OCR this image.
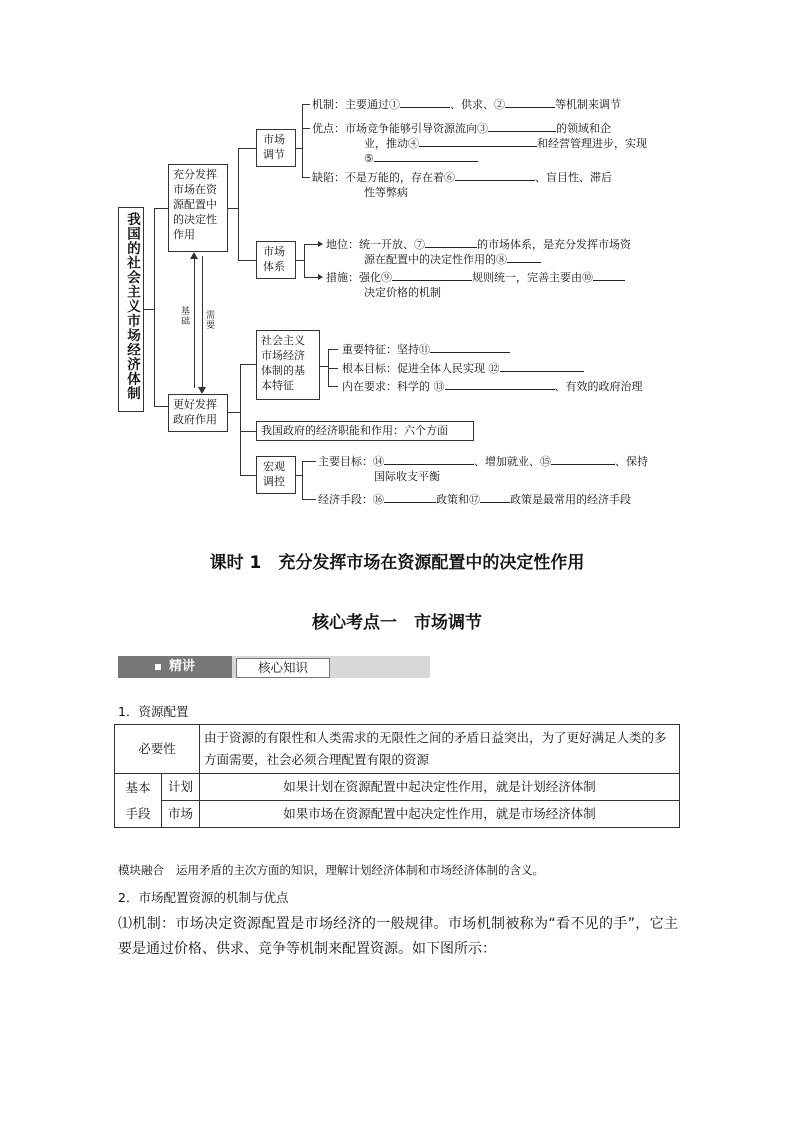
我国的社会主义市场经济体制
充分发挥市场在资源配置中的决定性作用
基础 需要
更好发挥政府作用
市场调节
机制：主要通过①	、供求、②	等机制来调节
优点：市场竞争能够引导资源流向③	的领域和企
业，推动④	和经营管理进步，实现
⑤
缺陷：不是万能的，存在着⑥	、盲目性、滞后
性等弊病
市场体系
地位：统一开放、⑦	的市场体系，是充分发挥市场资
源在配置中的决定性作用的⑧
措施：强化⑨	规则统一，完善主要由⑩
决定价格的机制
社会主义市场经济体制的基本特征
重要特征：坚持⑪
根本目标：促进全体人民实现 ⑫
内在要求：科学的 ⑬	、有效的政府治理
我国政府的经济职能和作用：六个方面
宏观调控
主要目标：⑭	、增加就业、⑮	、保持
国际收支平衡
经济手段：⑯	政策和⑰	政策是最常用的经济手段
课时 1　充分发挥市场在资源配置中的决定性作用
核心考点一　市场调节
精讲	核心知识
1．资源配置
必要性		由于资源的有限性和人类需求的无限性之间的矛盾日益突出，为了更好满足人类的多方面需要，社会必须合理配置有限的资源

基本
手段	计划	如果计划在资源配置中起决定性作用，就是计划经济体制
	市场	如果市场在资源配置中起决定性作用，就是市场经济体制
模块融合 运用矛盾的主次方面的知识，理解计划经济体制和市场经济体制的含义。
2．市场配置资源的机制与优点
⑴机制：市场决定资源配置是市场经济的一般规律。市场机制被称为“看不见的手”，它主要是通过价格、供求、竞争等机制来配置资源。如下图所示：
